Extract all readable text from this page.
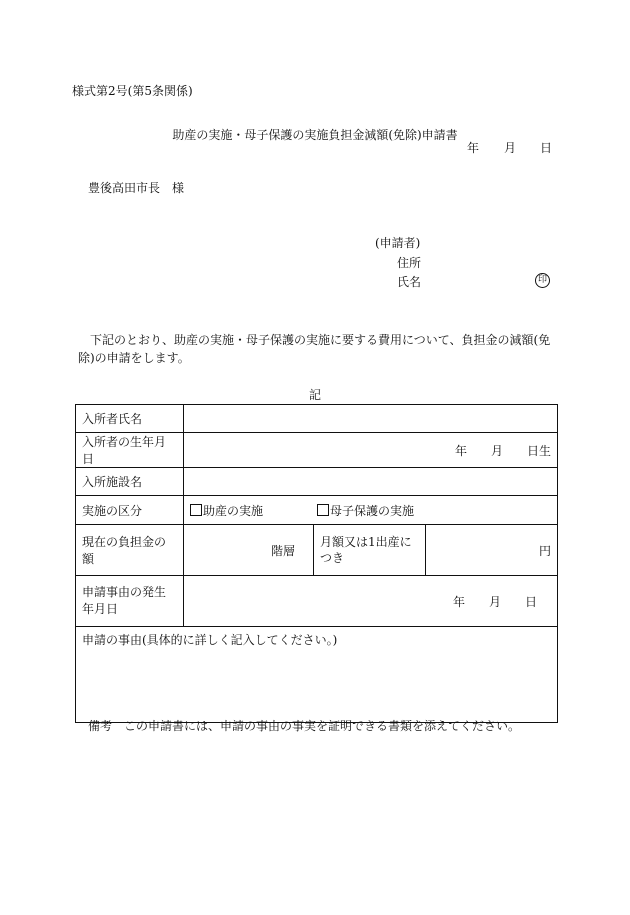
様式第2号(第5条関係)
助産の実施・母子保護の実施負担金減額(免除)申請書
年 月 日
豊後高田市長　様
(申請者)
住所
氏名	印
下記のとおり、助産の実施・母子保護の実施に要する費用について、負担金の減額(免除)の申請をします。
記
入所者氏名			
入所者の生年月日	年 月 日生		
入所施設名			
実施の区分	助産の実施 母子保護の実施		
現在の負担金の額	階層	月額又は1出産につき	円
申請事由の発生年月日	年 月 日		
申請の事由(具体的に詳しく記入してください。)			
備考　この申請書には、申請の事由の事実を証明できる書類を添えてください。
